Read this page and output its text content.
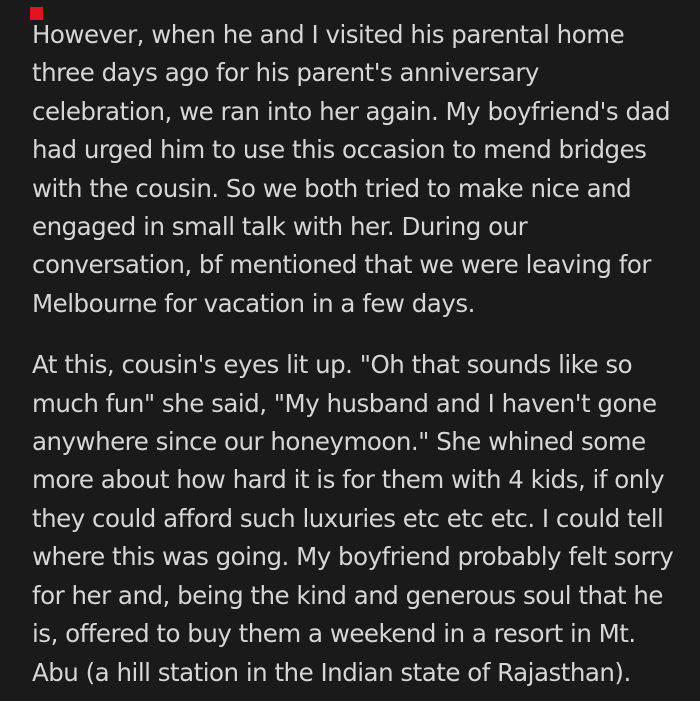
However, when he and I visited his parental home
three days ago for his parent's anniversary
celebration, we ran into her again. My boyfriend's dad
had urged him to use this occasion to mend bridges
with the cousin. So we both tried to make nice and
engaged in small talk with her. During our
conversation, bf mentioned that we were leaving for
Melbourne for vacation in a few days.

At this, cousin's eyes lit up. "Oh that sounds like so
much fun" she said, "My husband and I haven't gone
anywhere since our honeymoon." She whined some
more about how hard it is for them with 4 kids, if only
they could afford such luxuries etc etc etc. I could tell
where this was going. My boyfriend probably felt sorry
for her and, being the kind and generous soul that he
is, offered to buy them a weekend in a resort in Mt.
Abu (a hill station in the Indian state of Rajasthan).
